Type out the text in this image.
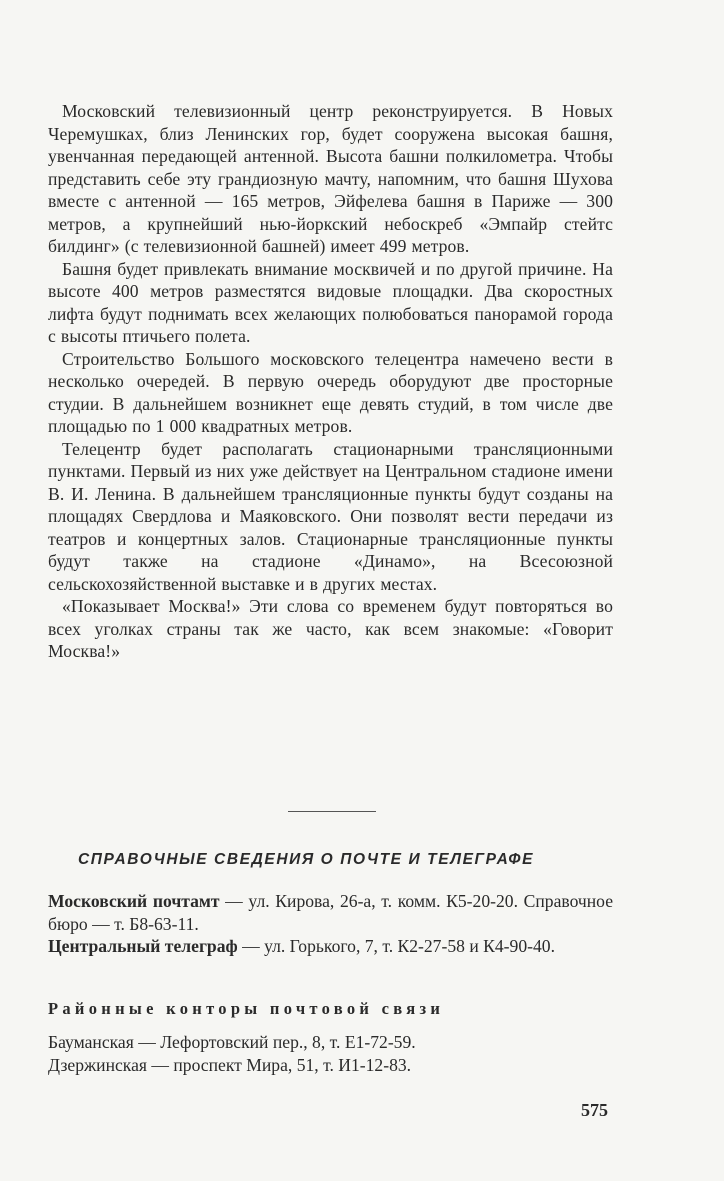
Московский телевизионный центр реконструируется. В Новых Черемушках, близ Ленинских гор, будет сооружена высокая башня, увенчанная передающей антенной. Высота башни полкилометра. Чтобы представить себе эту грандиозную мачту, напомним, что башня Шухова вместе с антенной — 165 метров, Эйфелева башня в Париже — 300 метров, а крупнейший нью-йоркский небоскреб «Эмпайр стейтс билдинг» (с телевизионной башней) имеет 499 метров.

Башня будет привлекать внимание москвичей и по другой причине. На высоте 400 метров разместятся видовые площадки. Два скоростных лифта будут поднимать всех желающих полюбоваться панорамой города с высоты птичьего полета.

Строительство Большого московского телецентра намечено вести в несколько очередей. В первую очередь оборудуют две просторные студии. В дальнейшем возникнет еще девять студий, в том числе две площадью по 1 000 квадратных метров.

Телецентр будет располагать стационарными трансляционными пунктами. Первый из них уже действует на Центральном стадионе имени В. И. Ленина. В дальнейшем трансляционные пункты будут созданы на площадях Свердлова и Маяковского. Они позволят вести передачи из театров и концертных залов. Стационарные трансляционные пункты будут также на стадионе «Динамо», на Всесоюзной сельскохозяйственной выставке и в других местах.

«Показывает Москва!» Эти слова со временем будут повторяться во всех уголках страны так же часто, как всем знакомые: «Говорит Москва!»

СПРАВОЧНЫЕ СВЕДЕНИЯ О ПОЧТЕ И ТЕЛЕГРАФЕ

Московский почтамт — ул. Кирова, 26-а, т. комм. К5-20-20. Справочное бюро — т. Б8-63-11.

Центральный телеграф — ул. Горького, 7, т. К2-27-58 и К4-90-40.

Районные конторы почтовой связи

Бауманская — Лефортовский пер., 8, т. Е1-72-59.

Дзержинская — проспект Мира, 51, т. И1-12-83.

575
